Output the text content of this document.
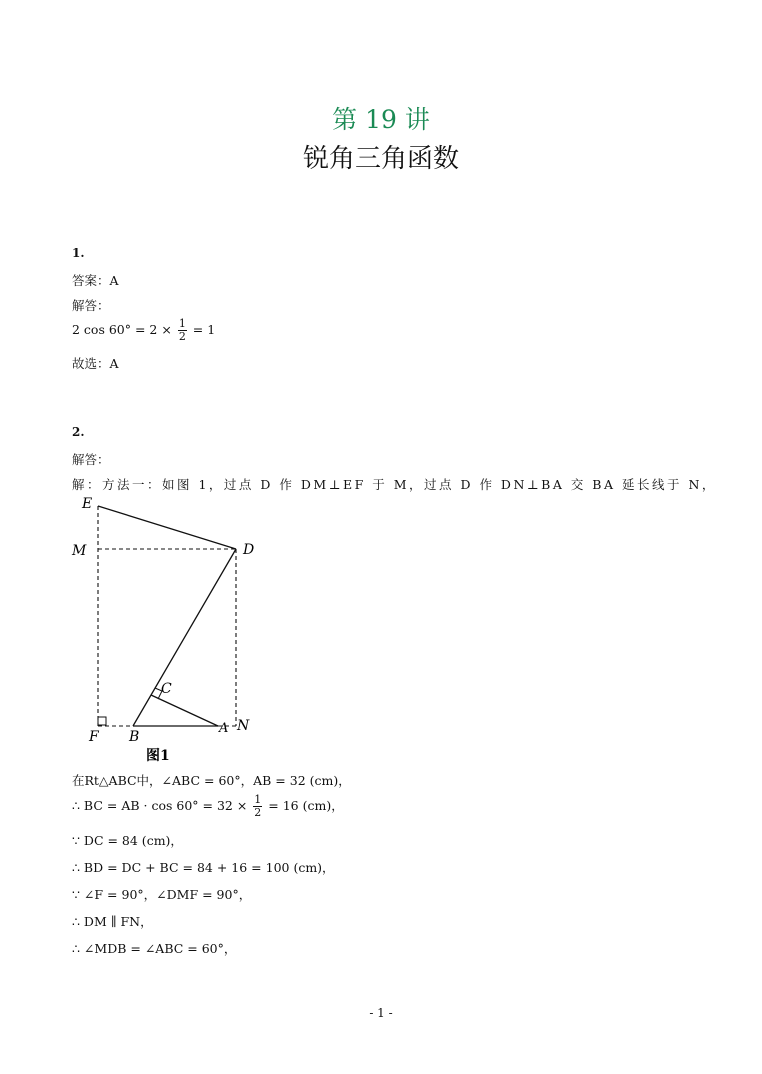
第 19 讲
锐角三角函数
1.
答案：A
解答：
2 $\cos 60^\circ = 2 \times \frac{1}{2} = 1$
故选：A
2.
解答：
解：方法一：如图 1，过点 D 作 DM⊥EF 于 M，过点 D 作 DN⊥BA 交 BA 延长线于 N，
E
M	D
C
F B
A N
图1
在Rt△ABC中，∠ABC = 60°，AB = 32 (cm)，
∴ BC = AB · $\cos 60^\circ = 32 \times \frac{1}{2} = 16$ (cm)，
∵ DC = 84 (cm)，
∴ BD = DC + BC = 84 + 16 = 100 (cm)，
∵ ∠F = 90°，∠DMF = 90°，
∴ DM ∥ FN，
∴ ∠MDB = ∠ABC = 60°，
- 1 -
